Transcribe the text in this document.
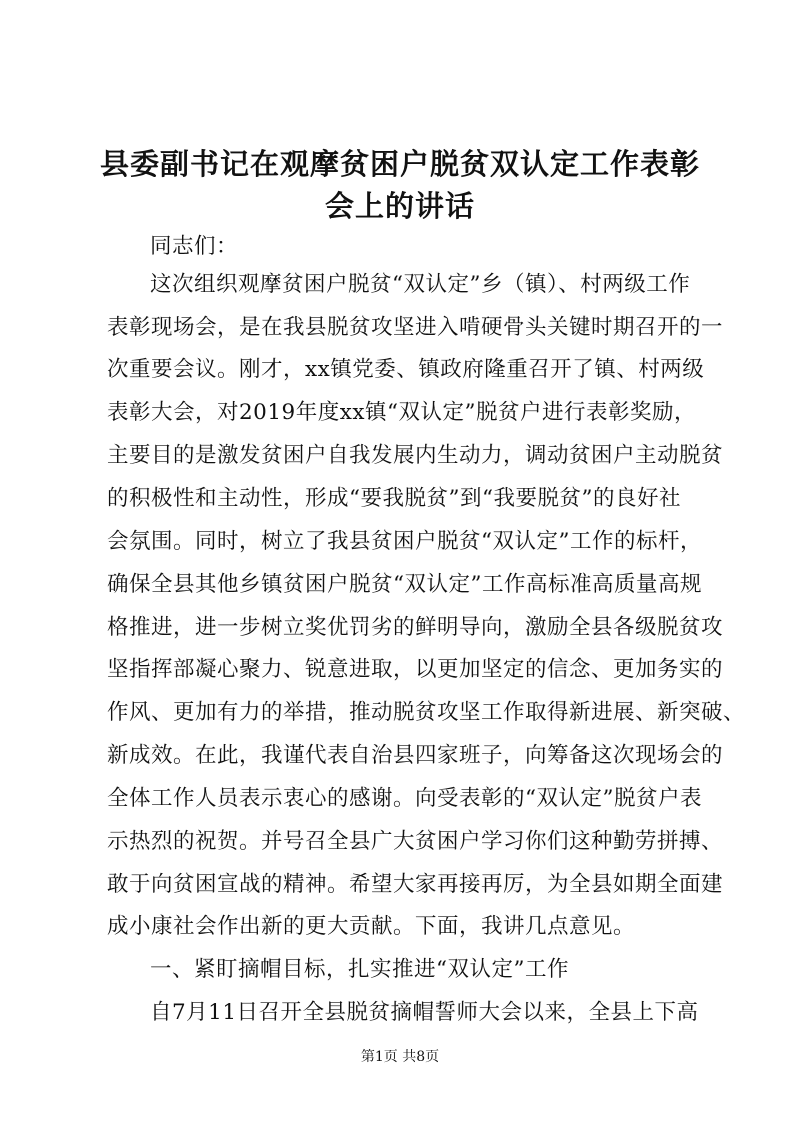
县委副书记在观摩贫困户脱贫双认定工作表彰
会上的讲话
同志们：
这次组织观摩贫困户脱贫“双认定”乡（镇）、村两级工作
表彰现场会，是在我县脱贫攻坚进入啃硬骨头关键时期召开的一
次重要会议。刚才，xx镇党委、镇政府隆重召开了镇、村两级
表彰大会，对2019年度xx镇“双认定”脱贫户进行表彰奖励，
主要目的是激发贫困户自我发展内生动力，调动贫困户主动脱贫
的积极性和主动性，形成“要我脱贫”到“我要脱贫”的良好社
会氛围。同时，树立了我县贫困户脱贫“双认定”工作的标杆，
确保全县其他乡镇贫困户脱贫“双认定”工作高标准高质量高规
格推进，进一步树立奖优罚劣的鲜明导向，激励全县各级脱贫攻
坚指挥部凝心聚力、锐意进取，以更加坚定的信念、更加务实的
作风、更加有力的举措，推动脱贫攻坚工作取得新进展、新突破、
新成效。在此，我谨代表自治县四家班子，向筹备这次现场会的
全体工作人员表示衷心的感谢。向受表彰的“双认定”脱贫户表
示热烈的祝贺。并号召全县广大贫困户学习你们这种勤劳拼搏、
敢于向贫困宣战的精神。希望大家再接再厉，为全县如期全面建
成小康社会作出新的更大贡献。下面，我讲几点意见。
一、紧盯摘帽目标，扎实推进“双认定”工作
自7月11日召开全县脱贫摘帽誓师大会以来，全县上下高
第1页 共8页
